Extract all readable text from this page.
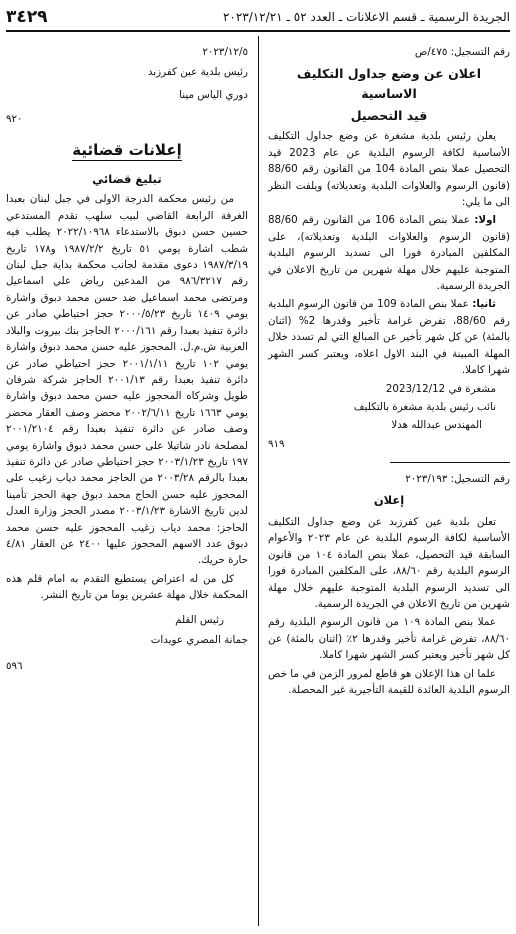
الجريدة الرسمية ـ قسم الاعلانات ـ العدد ٥٢ ـ ٢٠٢٣/١٢/٢١
٣٤٢٩
رقم التسجيل: ٤٧٥/ص
اعلان عن وضع جداول التكليف الاساسية
قيد التحصيل

يعلن رئيس بلدية مشغرة عن وضع جداول التكليف الأساسية لكافة الرسوم البلدية عن عام 2023 قيد التحصيل عملا بنص المادة 104 من القانون رقم 88/60 (قانون الرسوم والعلاوات البلدية وتعديلاته) ويلفت النظر الى ما يلي:

اولا: عملا بنص المادة 106 من القانون رقم 88/60 (قانون الرسوم والعلاوات البلدية وتعديلاته)، على المكلفين المبادرة فورا الى تسديد الرسوم البلدية المتوجبة عليهم خلال مهلة شهرين من تاريخ الاعلان في الجريدة الرسمية.

ثانيا: عملا بنص المادة 109 من قانون الرسوم البلدية رقم 88/60، تفرض غرامة تأخير وقدرها 2% (اثنان بالمئة) عن كل شهر تأخير عن المبالغ التي لم تسدد خلال المهلة المبينة في البند الاول اعلاه، ويعتبر كسر الشهر شهرا كاملا.

مشغرة في 2023/12/12

نائب رئيس بلدية مشغرة بالتكليف

المهندس عبدالله هدلا

٩١٩
رقم التسجيل: ٢٠٢٣/١٩٣
إعلان

تعلن بلدية عين كفرزبد عن وضع جداول التكليف الأساسية لكافة الرسوم البلدية عن عام ٢٠٢٣ والأعوام السابقة قيد التحصيل، عملا بنص المادة ١٠٤ من قانون الرسوم البلدية رقم ٨٨/٦٠، على المكلفين المبادرة فورا الى تسديد الرسوم البلدية المتوجبة عليهم خلال مهلة شهرين من تاريخ الاعلان في الجريدة الرسمية.

عملا بنص المادة ١٠٩ من قانون الرسوم البلدية رقم ٨٨/٦٠، تفرض غرامة تأخير وقدرها ٢٪ (اثنان بالمئة) عن كل شهر تأخير ويعتبر كسر الشهر شهرا كاملا.

علما ان هذا الإعلان هو قاطع لمرور الزمن في ما خص الرسوم البلدية العائدة للقيمة التأجيرية غير المحصلة.

٢٠٢٣/١٢/٥
رئيس بلدية عين كفرزبد
دوري الياس مينا
٩٢٠
إعلانات قضائية
تبليغ قضائي

من رئيس محكمة الدرجة الاولى في جبل لبنان بعبدا الغرفة الرابعة القاضي لبيب سلهب تقدم المستدعي حسين حسن دبوق بالاستدعاء ٢٠٢٢/١٠٩٦٨ يطلب فيه شطب اشارة يومي ٥١ تاريخ ١٩٨٧/٢/٢ و١٧٨ تاريخ ١٩٨٧/٣/١٩ دعوى مقدمة لجانب محكمة بداية جبل لبنان رقم ٩٨٦/٣٢١٧ من المدعين رياض علي اسماعيل ومرتضى محمد اسماعيل ضد حسن محمد دبوق واشارة يومي ١٤٠٩ تاريخ ٢٠٠٠/٥/٢٣ حجز احتياطي صادر عن دائرة تنفيذ بعبدا رقم ٢٠٠٠/١٦١ الحاجز بنك بيروت والبلاد العربية ش.م.ل. المحجوز عليه حسن محمد دبوق واشارة يومي ١٠٢ تاريخ ٢٠٠١/١/١١ حجز احتياطي صادر عن دائرة تنفيذ بعبدا رقم ٢٠٠١/١٣ الحاجز شركة شرفان طويل وشركاه المحجوز عليه حسن محمد دبوق واشارة يومي ١٦٦٣ تاريخ ٢٠٠٢/٦/١١ محضر وصف العقار محضر وصف صادر عن دائرة تنفيذ بعبدا رقم ٢٠٠١/٢١٠٤ لمصلحة نادر شاتيلا على حسن محمد دبوق واشارة يومي ١٩٧ تاريخ ٢٠٠٣/١/٢٣ حجز احتياطي صادر عن دائرة تنفيذ بعبدا بالرقم ٢٠٠٣/٢٨ من الحاجز محمد دياب زغيب على المحجوز عليه حسن الحاج محمد دبوق جهة الحجز تأمينا لدين تاريخ الاشارة ٢٠٠٣/١/٢٣ مصدر الحجز وزارة العدل الحاجز: محمد دياب زغيب المحجوز عليه حسن محمد دبوق عدد الاسهم المحجوز عليها ٢٤٠٠ عن العقار ٤/٨١ حارة حريك.

كل من له اعتراض يستطيع التقدم به امام قلم هذه المحكمة خلال مهلة عشرين يوما من تاريخ النشر.

رئيس القلم
جمانة المصري عويدات
٥٩٦
